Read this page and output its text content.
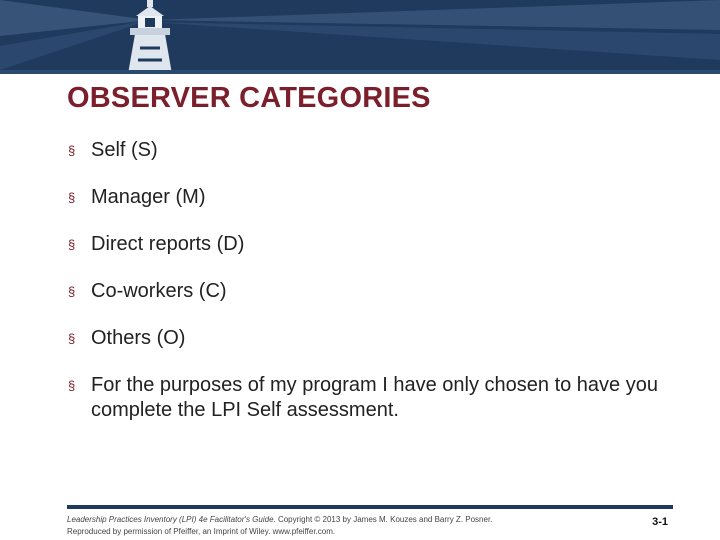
OBSERVER CATEGORIES
§ Self (S)
§ Manager (M)
§ Direct reports (D)
§ Co-workers (C)
§ Others (O)
§ For the purposes of my program I have only chosen to have you complete the LPI Self assessment.
Leadership Practices Inventory (LPI) 4e Facilitator's Guide. Copyright © 2013 by James M. Kouzes and Barry Z. Posner.
Reproduced by permission of Pfeiffer, an Imprint of Wiley. www.pfeiffer.com.
3-1
